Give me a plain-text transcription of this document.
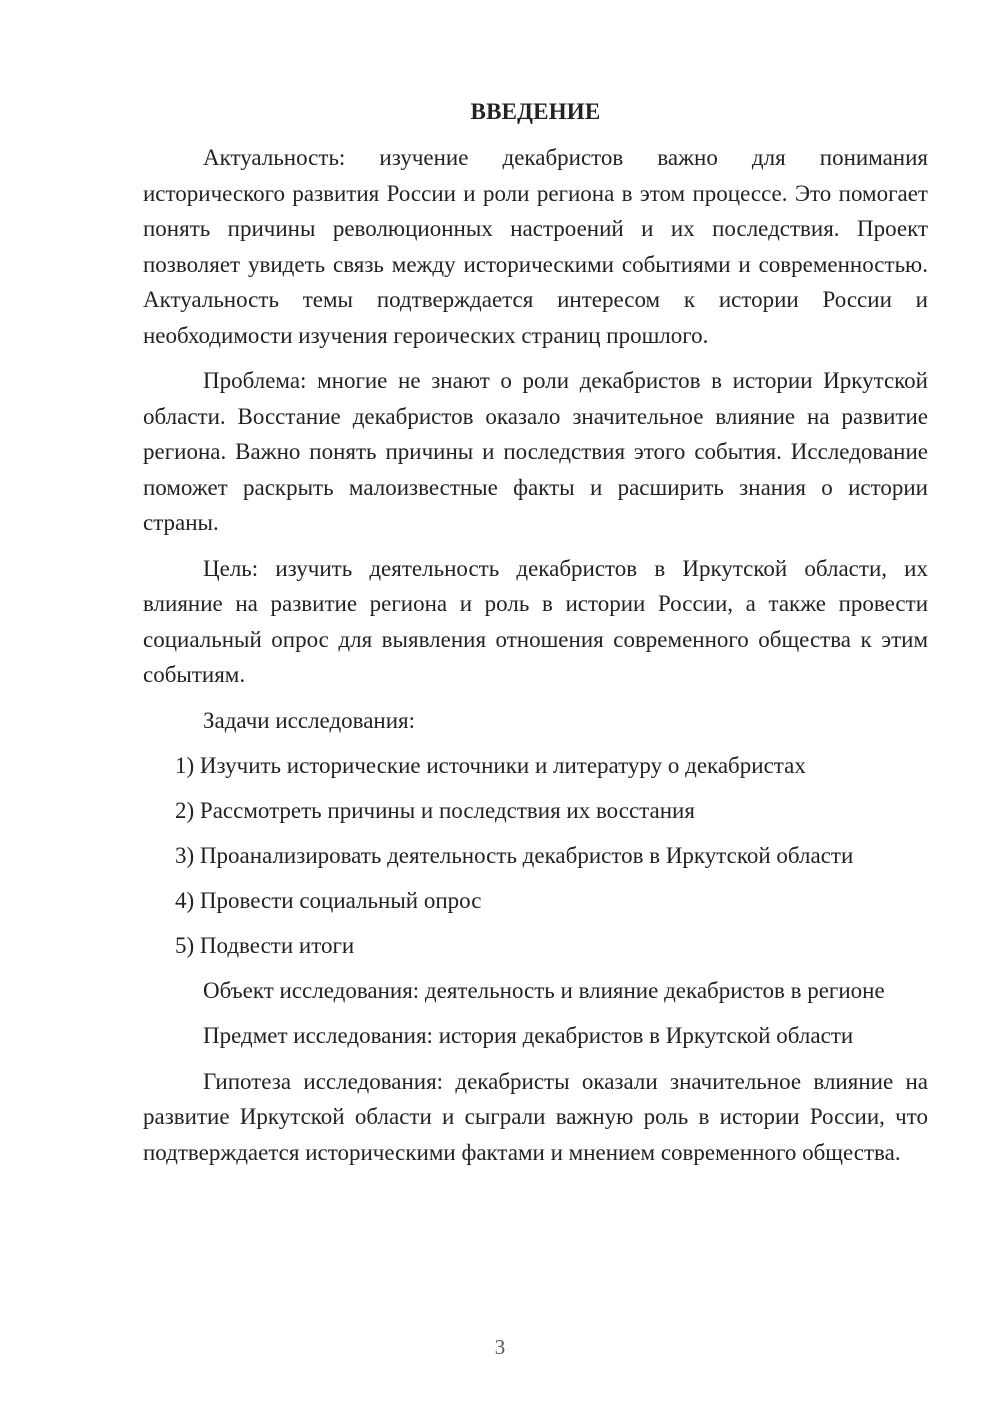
ВВЕДЕНИЕ

Актуальность: изучение декабристов важно для понимания исторического развития России и роли региона в этом процессе. Это помогает понять причины революционных настроений и их последствия. Проект позволяет увидеть связь между историческими событиями и современностью. Актуальность темы подтверждается интересом к истории России и необходимости изучения героических страниц прошлого.

Проблема: многие не знают о роли декабристов в истории Иркутской области. Восстание декабристов оказало значительное влияние на развитие региона. Важно понять причины и последствия этого события. Исследование поможет раскрыть малоизвестные факты и расширить знания о истории страны.

Цель: изучить деятельность декабристов в Иркутской области, их влияние на развитие региона и роль в истории России, а также провести социальный опрос для выявления отношения современного общества к этим событиям.

Задачи исследования:

1) Изучить исторические источники и литературу о декабристах
2) Рассмотреть причины и последствия их восстания
3) Проанализировать деятельность декабристов в Иркутской области
4) Провести социальный опрос
5) Подвести итоги

Объект исследования: деятельность и влияние декабристов в регионе

Предмет исследования: история декабристов в Иркутской области

Гипотеза исследования: декабристы оказали значительное влияние на развитие Иркутской области и сыграли важную роль в истории России, что подтверждается историческими фактами и мнением современного общества.

3
